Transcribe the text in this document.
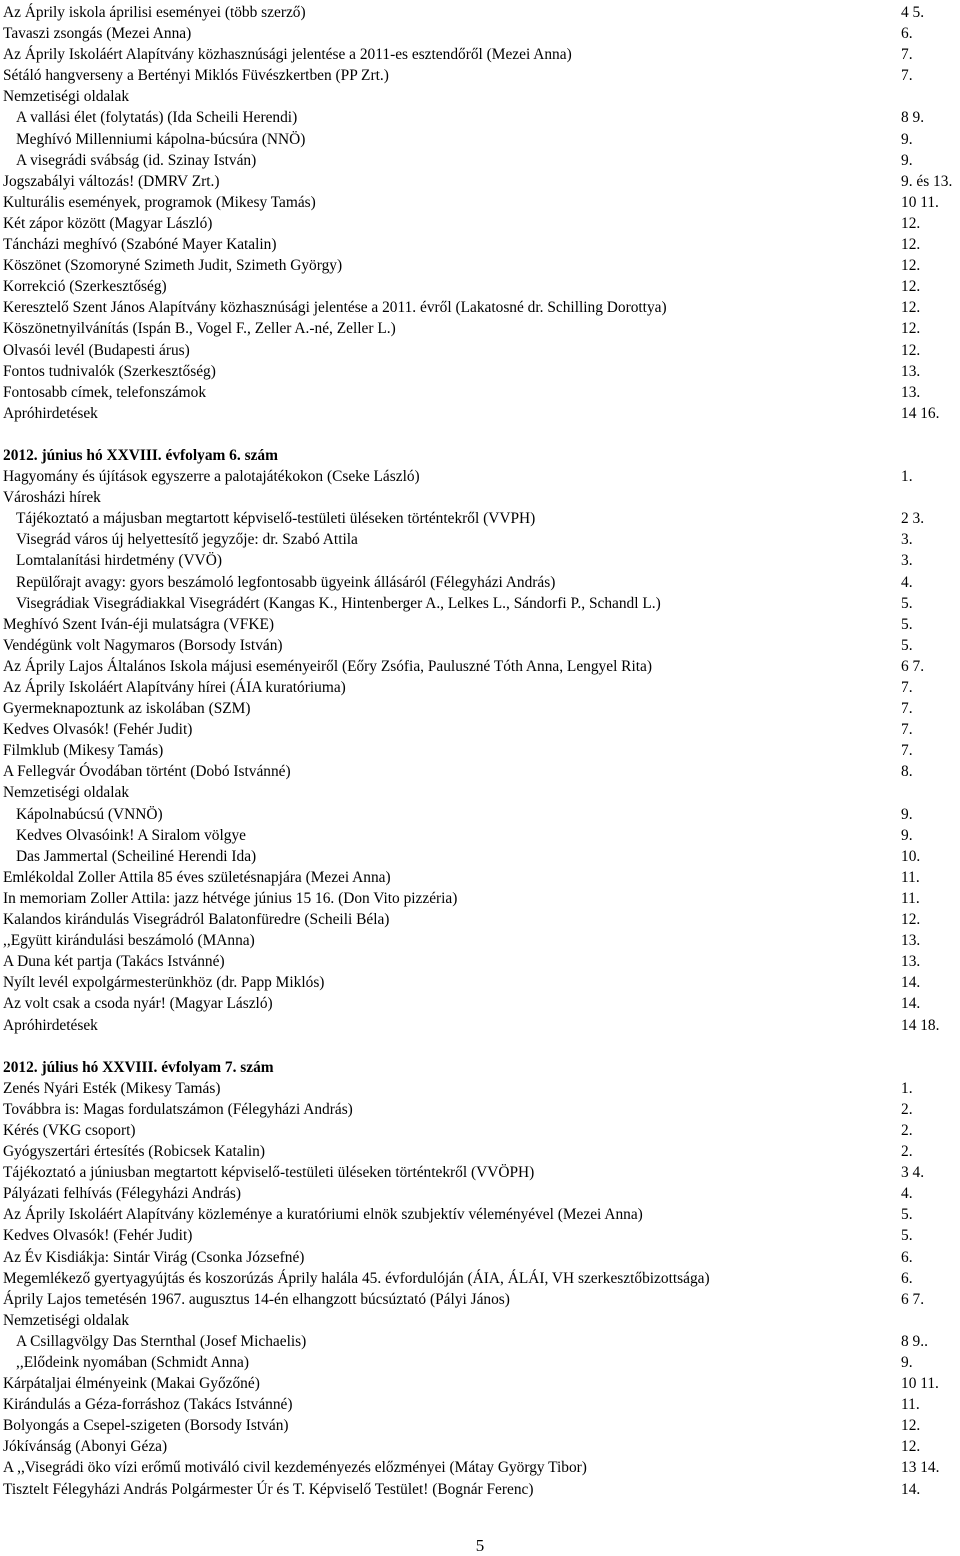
Az Áprily iskola áprilisi eseményei (több szerző)	4 5.
Tavaszi zsongás (Mezei Anna)	6.
Az Áprily Iskoláért Alapítvány közhasznúsági jelentése a 2011-es esztendőről (Mezei Anna)	7.
Sétáló hangverseny a Bertényi Miklós Füvészkertben (PP Zrt.)	7.
Nemzetiségi oldalak
A vallási élet (folytatás) (Ida Scheili Herendi)	8 9.
Meghívó Millenniumi kápolna-búcsúra (NNÖ)	9.
A visegrádi svábság (id. Szinay István)	9.
Jogszabályi változás! (DMRV Zrt.)	9. és 13.
Kulturális események, programok (Mikesy Tamás)	10 11.
Két zápor között (Magyar László)	12.
Táncházi meghívó (Szabóné Mayer Katalin)	12.
Köszönet (Szomoryné Szimeth Judit, Szimeth György)	12.
Korrekció (Szerkesztőség)	12.
Keresztelő Szent János Alapítvány közhasznúsági jelentése a 2011. évről (Lakatosné dr. Schilling Dorottya)	12.
Köszönetnyilvánítás (Ispán B., Vogel F., Zeller A.-né, Zeller L.)	12.
Olvasói levél (Budapesti árus)	12.
Fontos tudnivalók (Szerkesztőség)	13.
Fontosabb címek, telefonszámok	13.
Apróhirdetések	14 16.
2012. június hó XXVIII. évfolyam 6. szám
Hagyomány és újítások egyszerre a palotajátékokon (Cseke László)	1.
Városházi hírek
Tájékoztató a májusban megtartott képviselő-testületi üléseken történtekről (VVPH)	2 3.
Visegrád város új helyettesítő jegyzője: dr. Szabó Attila	3.
Lomtalanítási hirdetmény (VVÖ)	3.
Repülőrajt avagy: gyors beszámoló legfontosabb ügyeink állásáról (Félegyházi András)	4.
Visegrádiak Visegrádiakkal Visegrádért (Kangas K., Hintenberger A., Lelkes L., Sándorfi P., Schandl L.)	5.
Meghívó Szent Iván-éji mulatságra (VFKE)	5.
Vendégünk volt Nagymaros (Borsody István)	5.
Az Áprily Lajos Általános Iskola májusi eseményeiről (Eőry Zsófia, Pauluszné Tóth Anna, Lengyel Rita)	6 7.
Az Áprily Iskoláért Alapítvány hírei (ÁIA kuratóriuma)	7.
Gyermeknapoztunk az iskolában (SZM)	7.
Kedves Olvasók! (Fehér Judit)	7.
Filmklub (Mikesy Tamás)	7.
A Fellegvár Óvodában történt (Dobó Istvánné)	8.
Nemzetiségi oldalak
Kápolnabúcsú (VNNÖ)	9.
Kedves Olvasóink! A Siralom völgye	9.
Das Jammertal (Scheiliné Herendi Ida)	10.
Emlékoldal Zoller Attila 85 éves születésnapjára (Mezei Anna)	11.
In memoriam Zoller Attila: jazz hétvége június 15 16. (Don Vito pizzéria)	11.
Kalandos kirándulás Visegrádról Balatonfüredre (Scheili Béla)	12.
,,Együtt kirándulási beszámoló (MAnna)	13.
A Duna két partja (Takács Istvánné)	13.
Nyílt levél expolgármesterünkhöz (dr. Papp Miklós)	14.
Az volt csak a csoda nyár! (Magyar László)	14.
Apróhirdetések	14 18.
2012. július hó XXVIII. évfolyam 7. szám
Zenés Nyári Esték (Mikesy Tamás)	1.
Továbbra is: Magas fordulatszámon (Félegyházi András)	2.
Kérés (VKG csoport)	2.
Gyógyszertári értesítés (Robicsek Katalin)	2.
Tájékoztató a júniusban megtartott képviselő-testületi üléseken történtekről (VVÖPH)	3 4.
Pályázati felhívás (Félegyházi András)	4.
Az Áprily Iskoláért Alapítvány közleménye a kuratóriumi elnök szubjektív véleményével (Mezei Anna)	5.
Kedves Olvasók! (Fehér Judit)	5.
Az Év Kisdiákja: Sintár Virág (Csonka Józsefné)	6.
Megemlékező gyertyagyújtás és koszorúzás Áprily halála 45. évfordulóján (ÁIA, ÁLÁI, VH szerkesztőbizottsága)	6.
Áprily Lajos temetésén 1967. augusztus 14-én elhangzott búcsúztató (Pályi János)	6 7.
Nemzetiségi oldalak
A Csillagvölgy Das Sternthal (Josef Michaelis)	8 9..
,,Elődeink nyomában (Schmidt Anna)	9.
Kárpátaljai élményeink (Makai Győzőné)	10 11.
Kirándulás a Géza-forráshoz (Takács Istvánné)	11.
Bolyongás a Csepel-szigeten (Borsody István)	12.
Jókívánság (Abonyi Géza)	12.
A ,,Visegrádi öko vízi erőmű motiváló civil kezdeményezés előzményei (Mátay György Tibor)	13 14.
Tisztelt Félegyházi András Polgármester Úr és T. Képviselő Testület! (Bognár Ferenc)	14.
5
